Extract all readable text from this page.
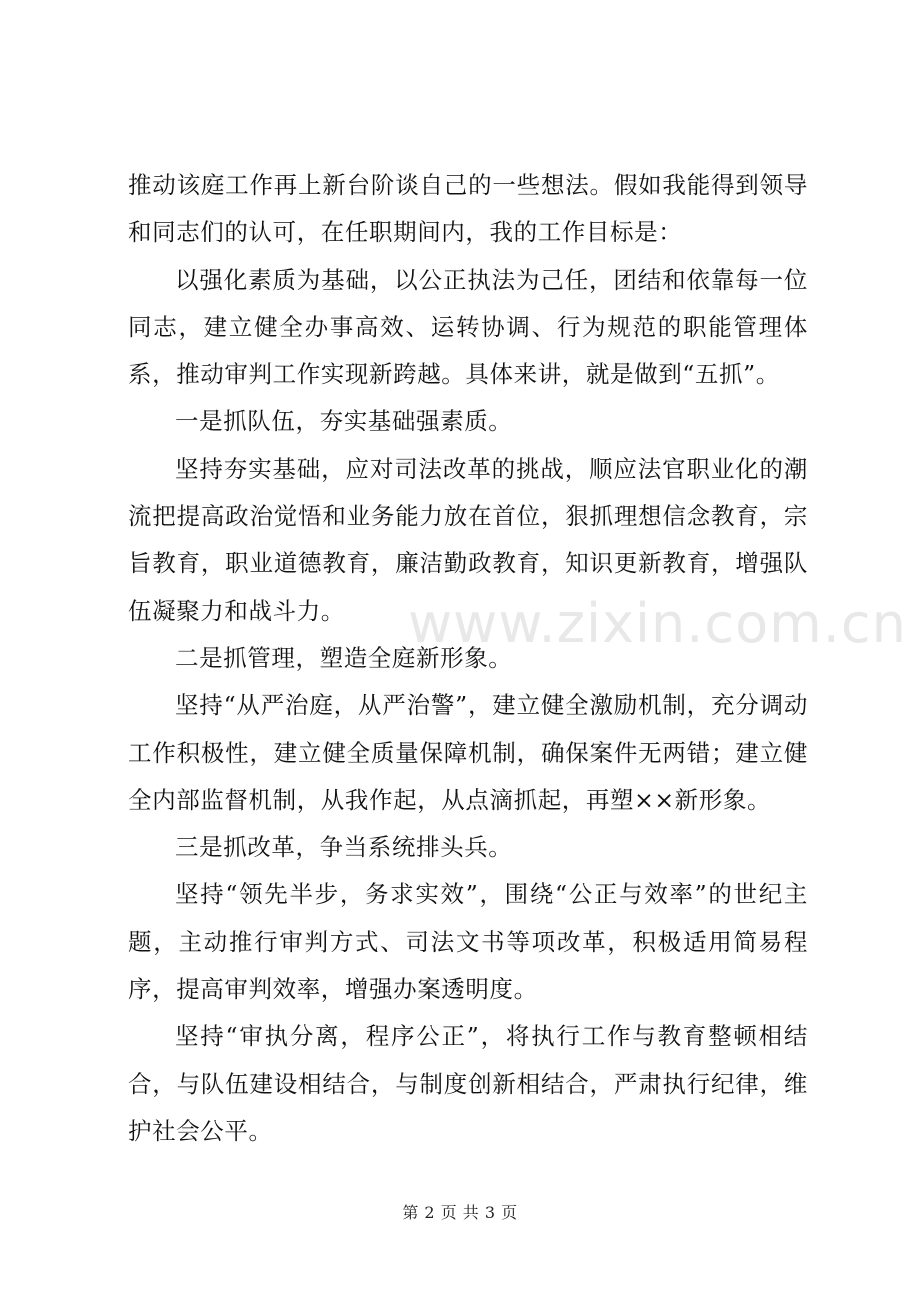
推动该庭工作再上新台阶谈自己的一些想法。假如我能得到领导和同志们的认可，在任职期间内，我的工作目标是：

以强化素质为基础，以公正执法为己任，团结和依靠每一位同志，建立健全办事高效、运转协调、行为规范的职能管理体系，推动审判工作实现新跨越。具体来讲，就是做到“五抓”。

一是抓队伍，夯实基础强素质。

坚持夯实基础，应对司法改革的挑战，顺应法官职业化的潮流把提高政治觉悟和业务能力放在首位，狠抓理想信念教育，宗旨教育，职业道德教育，廉洁勤政教育，知识更新教育，增强队伍凝聚力和战斗力。

二是抓管理，塑造全庭新形象。

坚持“从严治庭，从严治警”，建立健全激励机制，充分调动工作积极性，建立健全质量保障机制，确保案件无两错；建立健全内部监督机制，从我作起，从点滴抓起，再塑××新形象。

三是抓改革，争当系统排头兵。

坚持“领先半步，务求实效”，围绕“公正与效率”的世纪主题，主动推行审判方式、司法文书等项改革，积极适用简易程序，提高审判效率，增强办案透明度。

坚持“审执分离，程序公正”，将执行工作与教育整顿相结合，与队伍建设相结合，与制度创新相结合，严肃执行纪律，维护社会公平。

www.zixin.com.cn
第 2 页 共 3 页
